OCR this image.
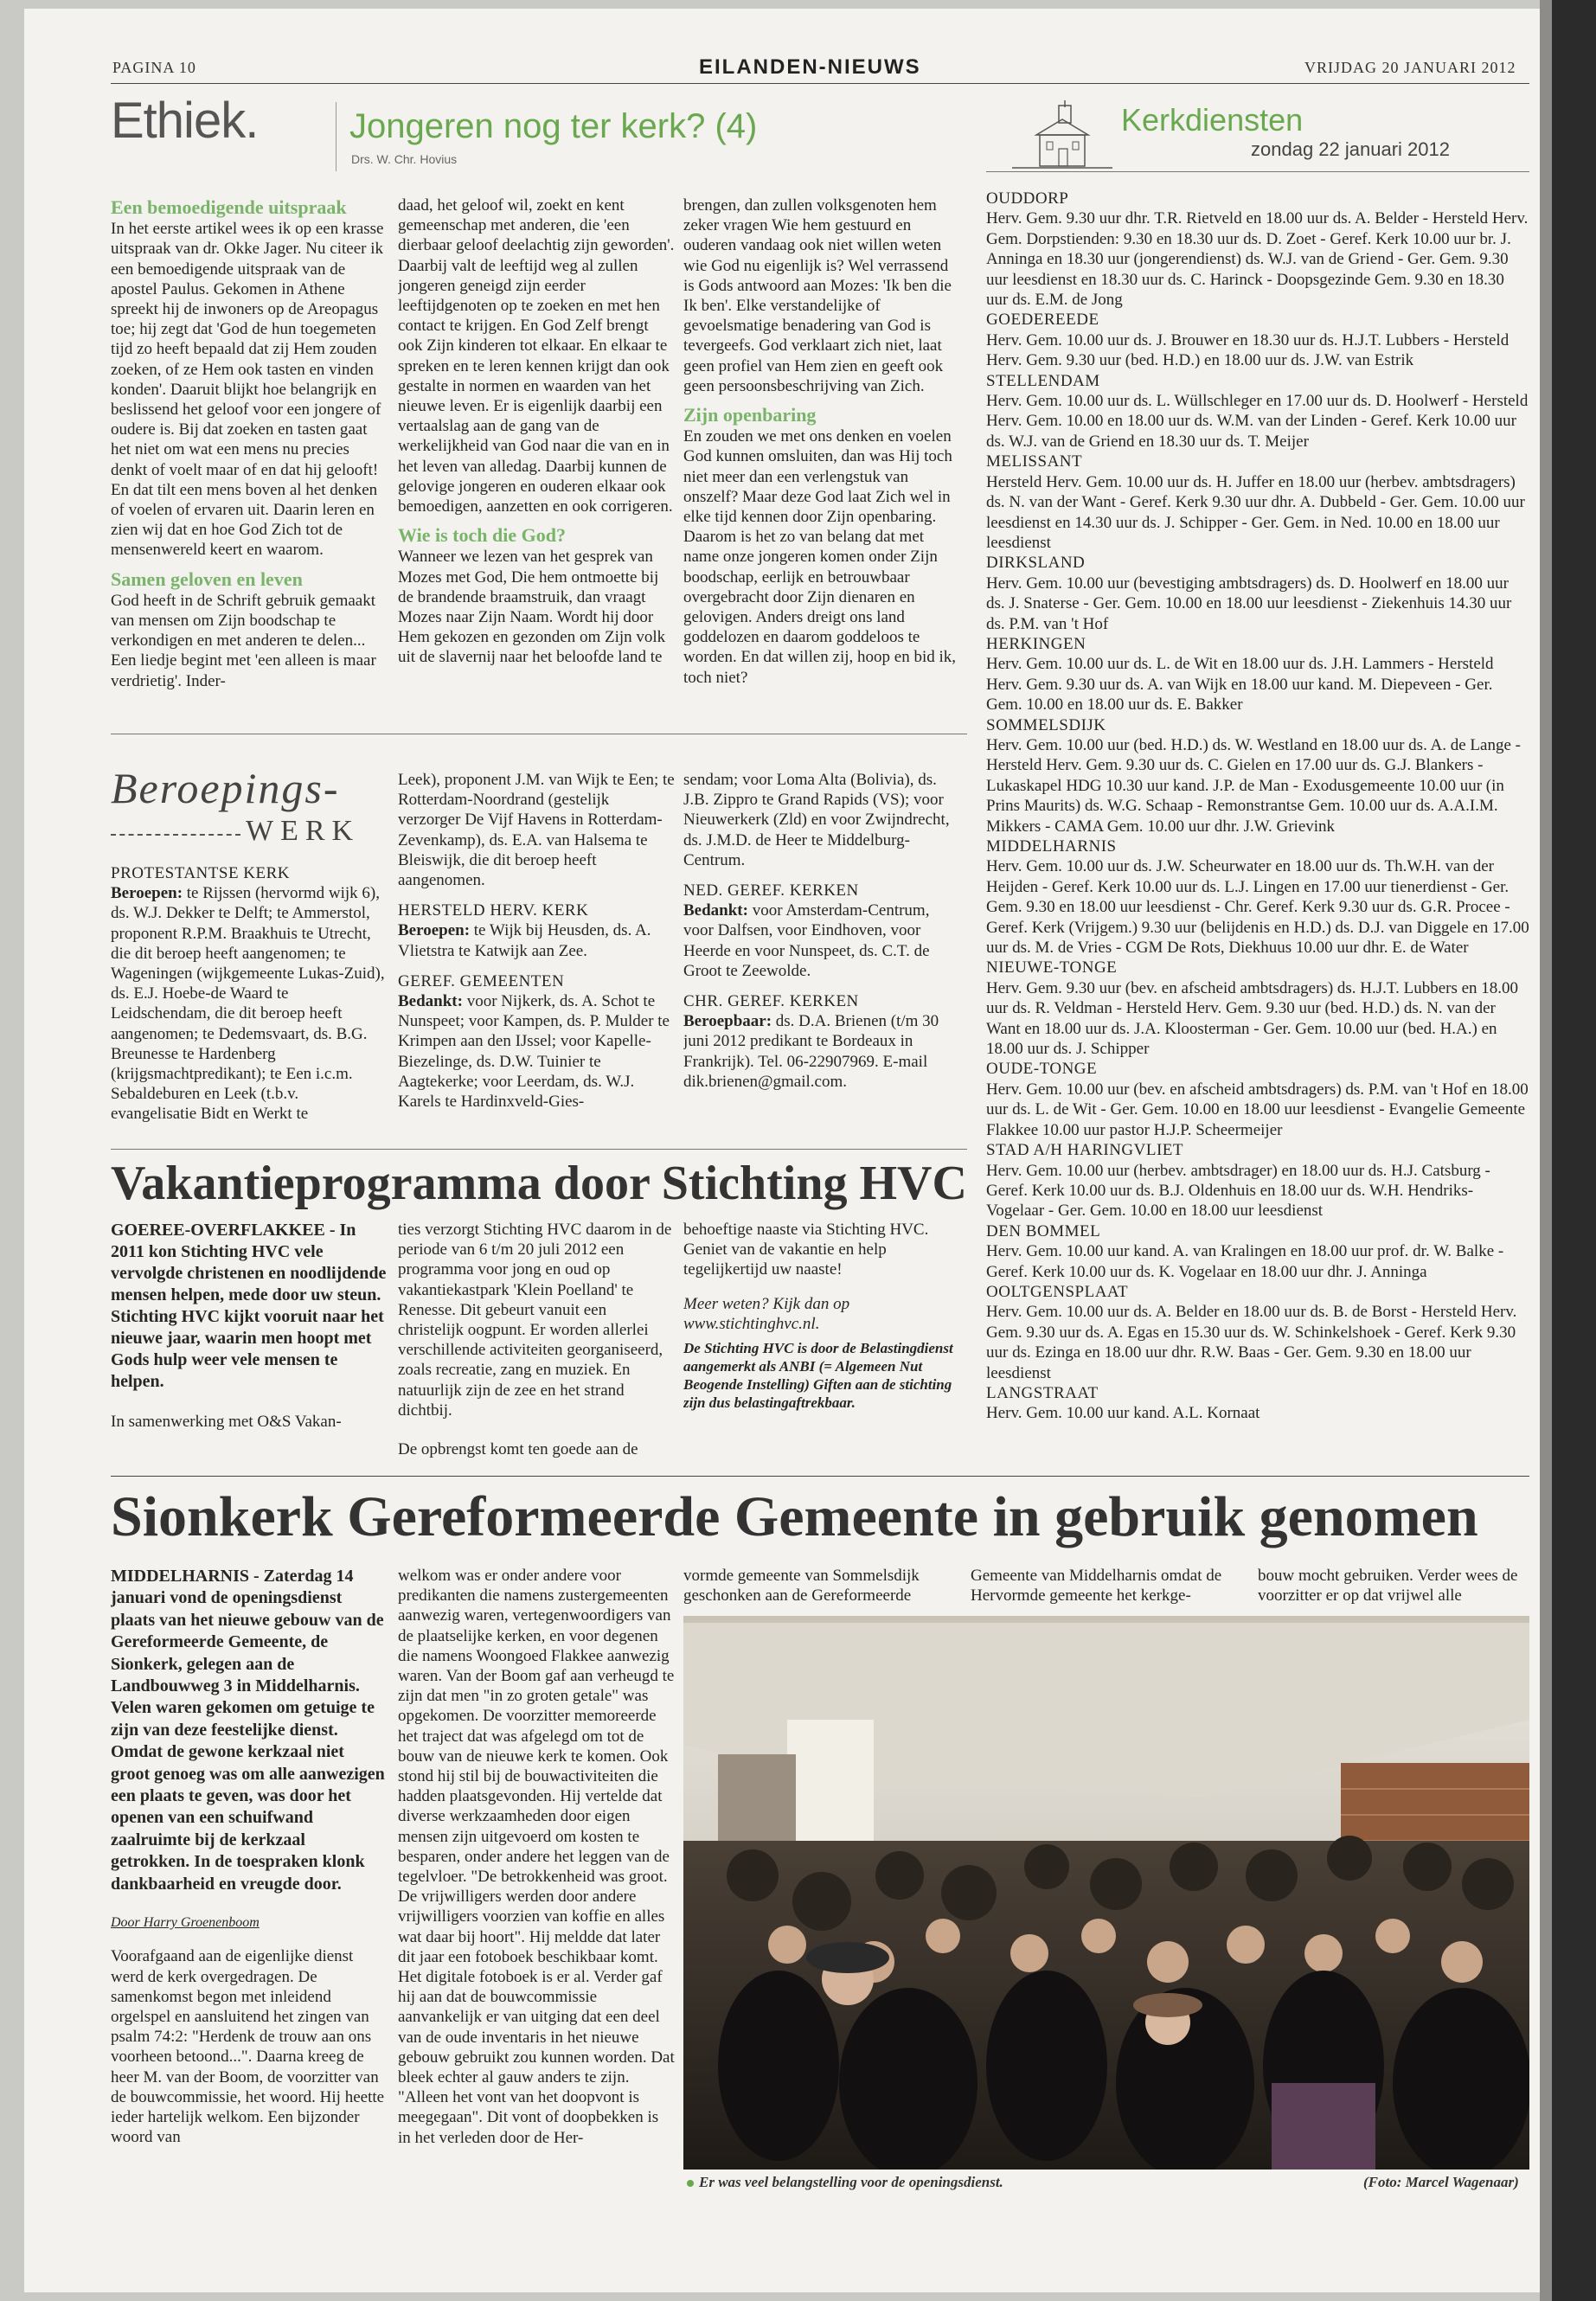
PAGINA 10	EILANDEN-NIEUWS	VRIJDAG 20 JANUARI 2012
Ethiek.	Jongeren nog ter kerk? (4)
Drs. W. Chr. Hovius
Een bemoedigende uitspraak

In het eerste artikel wees ik op een krasse uitspraak van dr. Okke Jager. Nu citeer ik een bemoedigende uitspraak van de apostel Paulus. Gekomen in Athene spreekt hij de inwoners op de Areopagus toe; hij zegt dat 'God de hun toegemeten tijd zo heeft bepaald dat zij Hem zouden zoeken, of ze Hem ook tasten en vinden konden'. Daaruit blijkt hoe belangrijk en beslissend het geloof voor een jongere of oudere is. Bij dat zoeken en tasten gaat het niet om wat een mens nu precies denkt of voelt maar of en dat hij gelooft! En dat tilt een mens boven al het denken of voelen of ervaren uit. Daarin leren en zien wij dat en hoe God Zich tot de mensenwereld keert en waarom.

Samen geloven en leven

God heeft in de Schrift gebruik gemaakt van mensen om Zijn boodschap te verkondigen en met anderen te delen... Een liedje begint met 'een alleen is maar verdrietig'. Inder-

daad, het geloof wil, zoekt en kent gemeenschap met anderen, die 'een dierbaar geloof deelachtig zijn geworden'. Daarbij valt de leeftijd weg al zullen jongeren geneigd zijn eerder leeftijdgenoten op te zoeken en met hen contact te krijgen. En God Zelf brengt ook Zijn kinderen tot elkaar. En elkaar te spreken en te leren kennen krijgt dan ook gestalte in normen en waarden van het nieuwe leven. Er is eigenlijk daarbij een vertaalslag aan de gang van de werkelijkheid van God naar die van en in het leven van alledag. Daarbij kunnen de gelovige jongeren en ouderen elkaar ook bemoedigen, aanzetten en ook corrigeren.

Wie is toch die God?

Wanneer we lezen van het gesprek van Mozes met God, Die hem ontmoette bij de brandende braamstruik, dan vraagt Mozes naar Zijn Naam. Wordt hij door Hem gekozen en gezonden om Zijn volk uit de slavernij naar het beloofde land te

brengen, dan zullen volksgenoten hem zeker vragen Wie hem gestuurd en ouderen vandaag ook niet willen weten wie God nu eigenlijk is? Wel verrassend is Gods antwoord aan Mozes: 'Ik ben die Ik ben'. Elke verstandelijke of gevoelsmatige benadering van God is tevergeefs. God verklaart zich niet, laat geen profiel van Hem zien en geeft ook geen persoonsbeschrijving van Zich.

Zijn openbaring

En zouden we met ons denken en voelen God kunnen omsluiten, dan was Hij toch niet meer dan een verlengstuk van onszelf? Maar deze God laat Zich wel in elke tijd kennen door Zijn openbaring. Daarom is het zo van belang dat met name onze jongeren komen onder Zijn boodschap, eerlijk en betrouwbaar overgebracht door Zijn dienaren en gelovigen. Anders dreigt ons land goddelozen en daarom goddeloos te worden. En dat willen zij, hoop en bid ik, toch niet?

Kerkdiensten
zondag 22 januari 2012
OUDDORP
Herv. Gem. 9.30 uur dhr. T.R. Rietveld en 18.00 uur ds. A. Belder - Hersteld Herv. Gem. Dorpstienden: 9.30 en 18.30 uur ds. D. Zoet - Geref. Kerk 10.00 uur br. J. Anninga en 18.30 uur (jongerendienst) ds. W.J. van de Griend - Ger. Gem. 9.30 uur leesdienst en 18.30 uur ds. C. Harinck - Doopsgezinde Gem. 9.30 en 18.30 uur ds. E.M. de Jong
GOEDEREEDE
Herv. Gem. 10.00 uur ds. J. Brouwer en 18.30 uur ds. H.J.T. Lubbers - Hersteld Herv. Gem. 9.30 uur (bed. H.D.) en 18.00 uur ds. J.W. van Estrik
STELLENDAM
Herv. Gem. 10.00 uur ds. L. Wüllschleger en 17.00 uur ds. D. Hoolwerf - Hersteld Herv. Gem. 10.00 en 18.00 uur ds. W.M. van der Linden - Geref. Kerk 10.00 uur ds. W.J. van de Griend en 18.30 uur ds. T. Meijer
MELISSANT
Hersteld Herv. Gem. 10.00 uur ds. H. Juffer en 18.00 uur (herbev. ambtsdragers) ds. N. van der Want - Geref. Kerk 9.30 uur dhr. A. Dubbeld - Ger. Gem. 10.00 uur leesdienst en 14.30 uur ds. J. Schipper - Ger. Gem. in Ned. 10.00 en 18.00 uur leesdienst
DIRKSLAND
Herv. Gem. 10.00 uur (bevestiging ambtsdragers) ds. D. Hoolwerf en 18.00 uur ds. J. Snaterse - Ger. Gem. 10.00 en 18.00 uur leesdienst - Ziekenhuis 14.30 uur ds. P.M. van 't Hof
HERKINGEN
Herv. Gem. 10.00 uur ds. L. de Wit en 18.00 uur ds. J.H. Lammers - Hersteld Herv. Gem. 9.30 uur ds. A. van Wijk en 18.00 uur kand. M. Diepeveen - Ger. Gem. 10.00 en 18.00 uur ds. E. Bakker
SOMMELSDIJK
Herv. Gem. 10.00 uur (bed. H.D.) ds. W. Westland en 18.00 uur ds. A. de Lange - Hersteld Herv. Gem. 9.30 uur ds. C. Gielen en 17.00 uur ds. G.J. Blankers - Lukaskapel HDG 10.30 uur kand. J.P. de Man - Exodusgemeente 10.00 uur (in Prins Maurits) ds. W.G. Schaap - Remonstrantse Gem. 10.00 uur ds. A.A.I.M. Mikkers - CAMA Gem. 10.00 uur dhr. J.W. Grievink
MIDDELHARNIS
Herv. Gem. 10.00 uur ds. J.W. Scheurwater en 18.00 uur ds. Th.W.H. van der Heijden - Geref. Kerk 10.00 uur ds. L.J. Lingen en 17.00 uur tienerdienst - Ger. Gem. 9.30 en 18.00 uur leesdienst - Chr. Geref. Kerk 9.30 uur ds. G.R. Procee - Geref. Kerk (Vrijgem.) 9.30 uur (belijdenis en H.D.) ds. D.J. van Diggele en 17.00 uur ds. M. de Vries - CGM De Rots, Diekhuus 10.00 uur dhr. E. de Water
NIEUWE-TONGE
Herv. Gem. 9.30 uur (bev. en afscheid ambtsdragers) ds. H.J.T. Lubbers en 18.00 uur ds. R. Veldman - Hersteld Herv. Gem. 9.30 uur (bed. H.D.) ds. N. van der Want en 18.00 uur ds. J.A. Kloosterman - Ger. Gem. 10.00 uur (bed. H.A.) en 18.00 uur ds. J. Schipper
OUDE-TONGE
Herv. Gem. 10.00 uur (bev. en afscheid ambtsdragers) ds. P.M. van 't Hof en 18.00 uur ds. L. de Wit - Ger. Gem. 10.00 en 18.00 uur leesdienst - Evangelie Gemeente Flakkee 10.00 uur pastor H.J.P. Scheermeijer
STAD A/H HARINGVLIET
Herv. Gem. 10.00 uur (herbev. ambtsdrager) en 18.00 uur ds. H.J. Catsburg - Geref. Kerk 10.00 uur ds. B.J. Oldenhuis en 18.00 uur ds. W.H. Hendriks-Vogelaar - Ger. Gem. 10.00 en 18.00 uur leesdienst
DEN BOMMEL
Herv. Gem. 10.00 uur kand. A. van Kralingen en 18.00 uur prof. dr. W. Balke - Geref. Kerk 10.00 uur ds. K. Vogelaar en 18.00 uur dhr. J. Anninga
OOLTGENSPLAAT
Herv. Gem. 10.00 uur ds. A. Belder en 18.00 uur ds. B. de Borst - Hersteld Herv. Gem. 9.30 uur ds. A. Egas en 15.30 uur ds. W. Schinkelshoek - Geref. Kerk 9.30 uur ds. Ezinga en 18.00 uur dhr. R.W. Baas - Ger. Gem. 9.30 en 18.00 uur leesdienst
LANGSTRAAT
Herv. Gem. 10.00 uur kand. A.L. Kornaat
Beroepings-
WERK
PROTESTANTSE KERK

Beroepen: te Rijssen (hervormd wijk 6), ds. W.J. Dekker te Delft; te Ammerstol, proponent R.P.M. Braakhuis te Utrecht, die dit beroep heeft aangenomen; te Wageningen (wijkgemeente Lukas-Zuid), ds. E.J. Hoebe-de Waard te Leidschendam, die dit beroep heeft aangenomen; te Dedemsvaart, ds. B.G. Breunesse te Hardenberg (krijgsmachtpredikant); te Een i.c.m. Sebaldeburen en Leek (t.b.v. evangelisatie Bidt en Werkt te

Leek), proponent J.M. van Wijk te Een; te Rotterdam-Noordrand (gestelijk verzorger De Vijf Havens in Rotterdam-Zevenkamp), ds. E.A. van Halsema te Bleiswijk, die dit beroep heeft aangenomen.

HERSTELD HERV. KERK

Beroepen: te Wijk bij Heusden, ds. A. Vlietstra te Katwijk aan Zee.

GEREF. GEMEENTEN

Bedankt: voor Nijkerk, ds. A. Schot te Nunspeet; voor Kampen, ds. P. Mulder te Krimpen aan den IJssel; voor Kapelle-Biezelinge, ds. D.W. Tuinier te Aagtekerke; voor Leerdam, ds. W.J. Karels te Hardinxveld-Gies-

sendam; voor Loma Alta (Bolivia), ds. J.B. Zippro te Grand Rapids (VS); voor Nieuwerkerk (Zld) en voor Zwijndrecht, ds. J.M.D. de Heer te Middelburg-Centrum.

NED. GEREF. KERKEN

Bedankt: voor Amsterdam-Centrum, voor Dalfsen, voor Eindhoven, voor Heerde en voor Nunspeet, ds. C.T. de Groot te Zeewolde.

CHR. GEREF. KERKEN

Beroepbaar: ds. D.A. Brienen (t/m 30 juni 2012 predikant te Bordeaux in Frankrijk). Tel. 06-22907969. E-mail dik.brienen@gmail.com.

Vakantieprogramma door Stichting HVC

GOEREE-OVERFLAKKEE - In 2011 kon Stichting HVC vele vervolgde christenen en noodlijdende mensen helpen, mede door uw steun. Stichting HVC kijkt vooruit naar het nieuwe jaar, waarin men hoopt met Gods hulp weer vele mensen te helpen.

In samenwerking met O&S Vakan-

ties verzorgt Stichting HVC daarom in de periode van 6 t/m 20 juli 2012 een programma voor jong en oud op vakantiekastpark 'Klein Poelland' te Renesse. Dit gebeurt vanuit een christelijk oogpunt. Er worden allerlei verschillende activiteiten georganiseerd, zoals recreatie, zang en muziek. En natuurlijk zijn de zee en het strand dichtbij.

De opbrengst komt ten goede aan de

behoeftige naaste via Stichting HVC. Geniet van de vakantie en help tegelijkertijd uw naaste!

Meer weten? Kijk dan op www.stichtinghvc.nl.

De Stichting HVC is door de Belastingdienst aangemerkt als ANBI (= Algemeen Nut Beogende Instelling) Giften aan de stichting zijn dus belastingaftrekbaar.

Sionkerk Gereformeerde Gemeente in gebruik genomen

MIDDELHARNIS - Zaterdag 14 januari vond de openingsdienst plaats van het nieuwe gebouw van de Gereformeerde Gemeente, de Sionkerk, gelegen aan de Landbouwweg 3 in Middelharnis. Velen waren gekomen om getuige te zijn van deze feestelijke dienst. Omdat de gewone kerkzaal niet groot genoeg was om alle aanwezigen een plaats te geven, was door het openen van een schuifwand zaalruimte bij de kerkzaal getrokken. In de toespraken klonk dankbaarheid en vreugde door.

Door Harry Groenenboom

Voorafgaand aan de eigenlijke dienst werd de kerk overgedragen. De samenkomst begon met inleidend orgelspel en aansluitend het zingen van psalm 74:2: "Herdenk de trouw aan ons voorheen betoond...". Daarna kreeg de heer M. van der Boom, de voorzitter van de bouwcommissie, het woord. Hij heette ieder hartelijk welkom. Een bijzonder woord van

welkom was er onder andere voor predikanten die namens zustergemeenten aanwezig waren, vertegenwoordigers van de plaatselijke kerken, en voor degenen die namens Woongoed Flakkee aanwezig waren. Van der Boom gaf aan verheugd te zijn dat men "in zo groten getale" was opgekomen. De voorzitter memoreerde het traject dat was afgelegd om tot de bouw van de nieuwe kerk te komen. Ook stond hij stil bij de bouwactiviteiten die hadden plaatsgevonden. Hij vertelde dat diverse werkzaamheden door eigen mensen zijn uitgevoerd om kosten te besparen, onder andere het leggen van de tegelvloer. "De betrokkenheid was groot. De vrijwilligers werden door andere vrijwilligers voorzien van koffie en alles wat daar bij hoort". Hij meldde dat later dit jaar een fotoboek beschikbaar komt. Het digitale fotoboek is er al. Verder gaf hij aan dat de bouwcommissie aanvankelijk er van uitging dat een deel van de oude inventaris in het nieuwe gebouw gebruikt zou kunnen worden. Dat bleek echter al gauw anders te zijn. "Alleen het vont van het doopvont is meegegaan". Dit vont of doopbekken is in het verleden door de Her-

vormde gemeente van Sommelsdijk geschonken aan de Gereformeerde

Gemeente van Middelharnis omdat de Hervormde gemeente het kerkge-

bouw mocht gebruiken. Verder wees de voorzitter er op dat vrijwel alle

Er was veel belangstelling voor de openingsdienst.	(Foto: Marcel Wagenaar)
